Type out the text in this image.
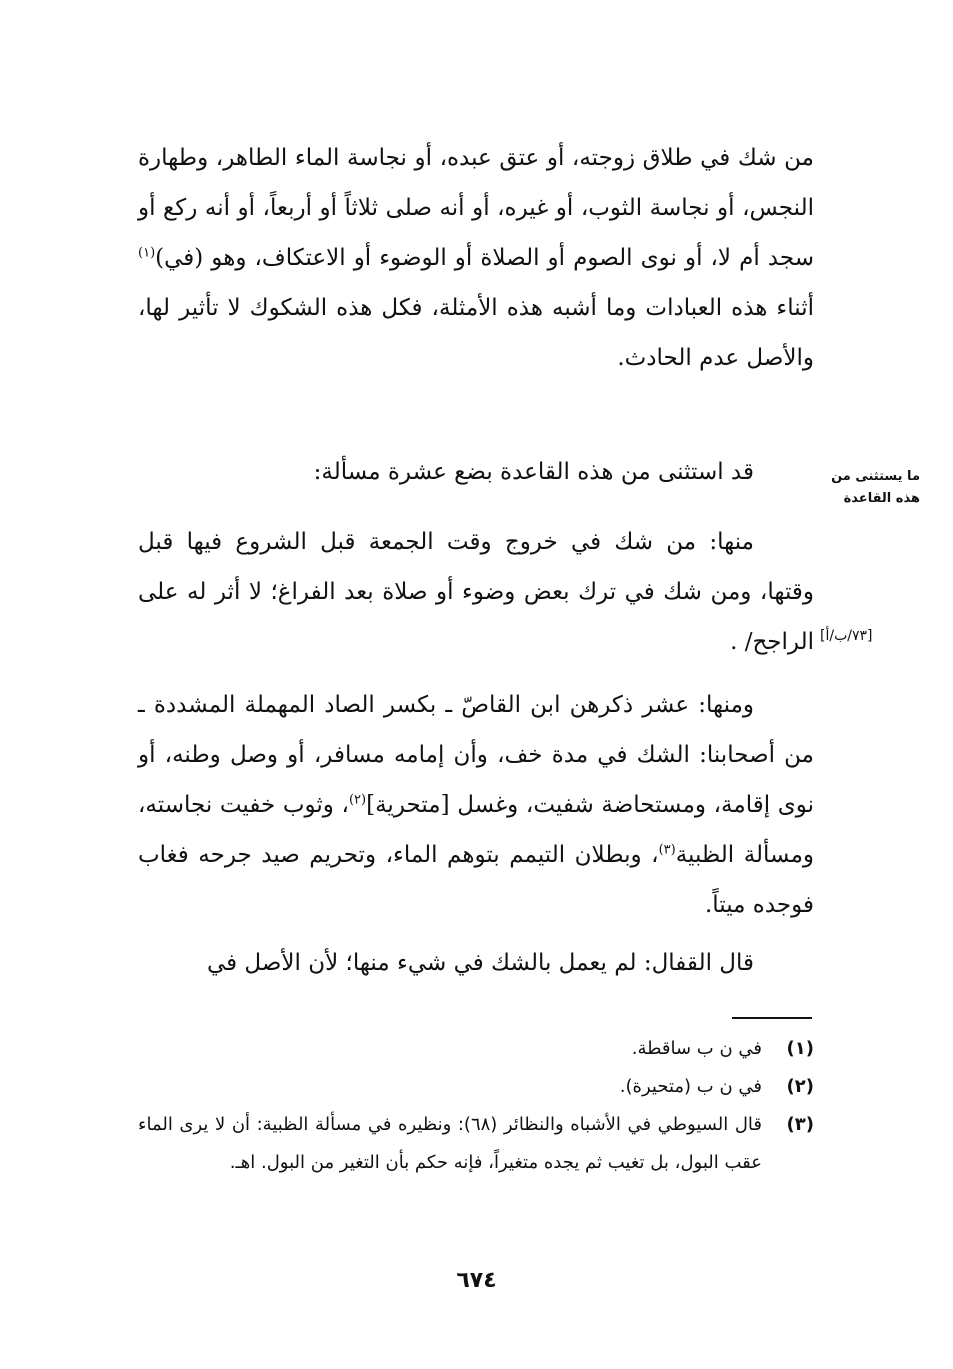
من شك في طلاق زوجته، أو عتق عبده، أو نجاسة الماء الطاهر، وطهارة النجس، أو نجاسة الثوب، أو غيره، أو أنه صلى ثلاثاً أو أربعاً، أو أنه ركع أو سجد أم لا، أو نوى الصوم أو الصلاة أو الوضوء أو الاعتكاف، وهو (في)$^{(١)}$ أثناء هذه العبادات وما أشبه هذه الأمثلة، فكل هذه الشكوك لا تأثير لها، والأصل عدم الحادث.

ما يستثنى من هذه القاعدة

قد استثنى من هذه القاعدة بضع عشرة مسألة:

منها: من شك في خروج وقت الجمعة قبل الشروع فيها قبل وقتها، ومن شك في ترك بعض وضوء أو صلاة بعد الفراغ؛ لا أثر له على الراجح/ . [٧٣/ب/أ]

ومنها: عشر ذكرهن ابن القاصّ ـ بكسر الصاد المهملة المشددة ـ من أصحابنا: الشك في مدة خف، وأن إمامه مسافر، أو وصل وطنه، أو نوى إقامة، ومستحاضة شفيت، وغسل [متحرية]$^{(٢)}$، وثوب خفيت نجاسته، ومسألة الظبية$^{(٣)}$، وبطلان التيمم بتوهم الماء، وتحريم صيد جرحه فغاب فوجده ميتاً.

قال القفال: لم يعمل بالشك في شيء منها؛ لأن الأصل في

(١)
في ن ب ساقطة.

(٢)
في ن ب (متحيرة).

(٣)
قال السيوطي في الأشباه والنظائر (٦٨): ونظيره في مسألة الظبية: أن لا يرى الماء عقب البول، بل تغيب ثم يجده متغيراً، فإنه حكم بأن التغير من البول. اهـ.

٦٧٤
